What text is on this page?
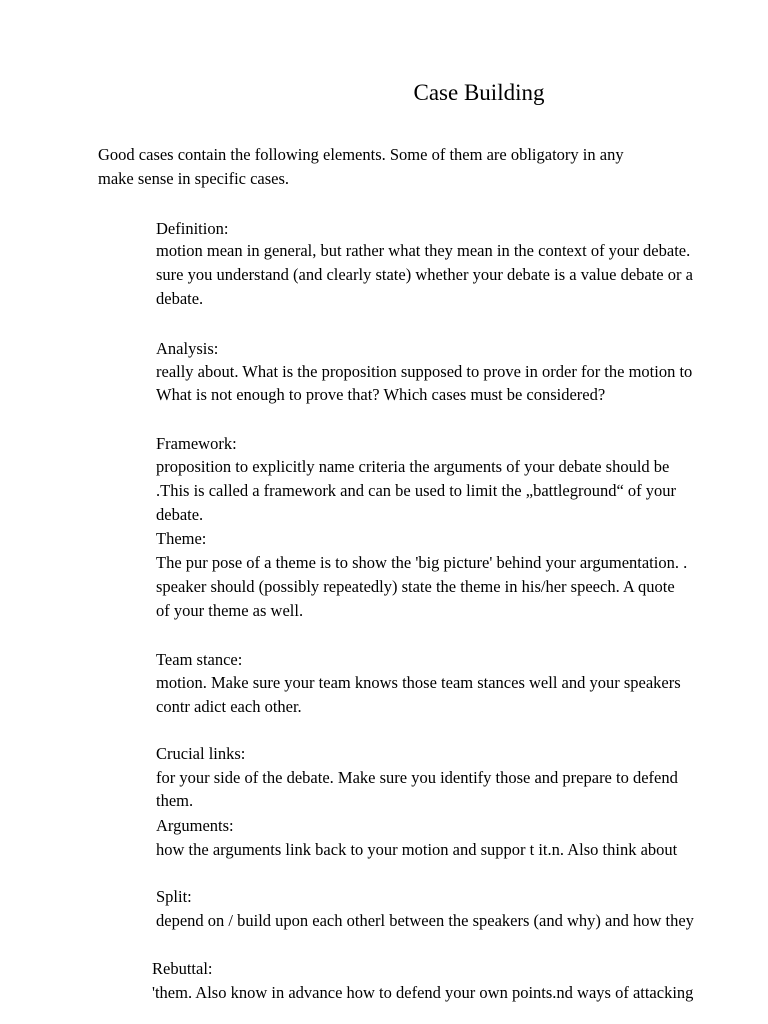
Case Building
Good cases contain the following elements. Some of them are obligatory in any
make sense in specific cases.
Definition:
motion mean in general, but rather what they mean in the context of your debate.
sure you understand (and clearly state) whether your debate is a value debate or a
debate.
Analysis:
really about. What is the proposition supposed to prove in order for the motion to
What is not enough to prove that? Which cases must be considered?
Framework:
proposition to explicitly name criteria the arguments of your debate should be
.This is called a framework and can be used to limit the „battleground“ of your
debate.
Theme:
The pur pose of a theme is to show the 'big picture' behind your argumentation. .
speaker should (possibly repeatedly) state the theme in his/her speech. A quote
of your theme as well.
Team stance:
motion. Make sure your team knows those team stances well and your speakers
contr adict each other.
Crucial links:
for your side of the debate. Make sure you identify those and prepare to defend
them.
Arguments:
how the arguments link back to your motion and suppor t it.n. Also think about
Split:
depend on / build upon each otherl between the speakers (and why) and how they
Rebuttal:
'them. Also know in advance how to defend your own points.nd ways of attacking
